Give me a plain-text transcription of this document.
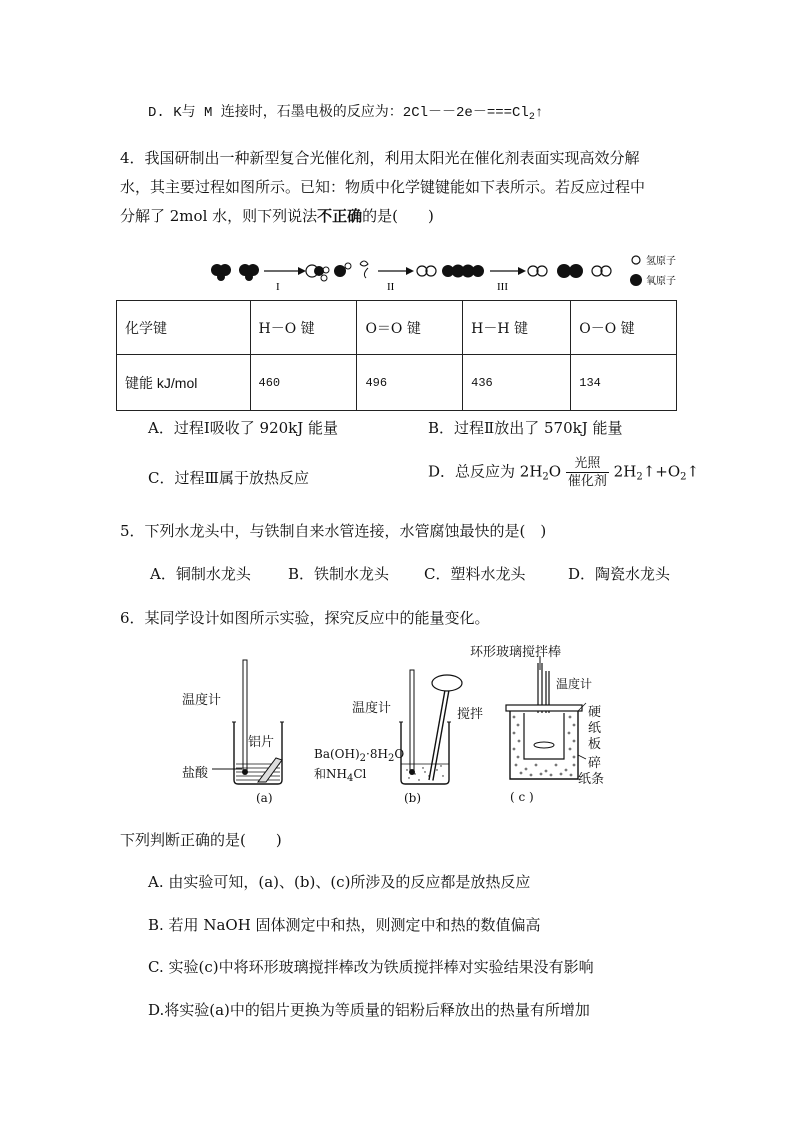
D. K与 M 连接时，石墨电极的反应为：$2Cl--2e-===Cl_2↑$
4．我国研制出一种新型复合光催化剂，利用太阳光在催化剂表面实现高效分解
水，其主要过程如图所示。已知：物质中化学键键能如下表所示。若反应过程中
分解了 2mol 水，则下列说法不正确的是(　　)
I	II	III
氢原子
氧原子
化学键	H－O 键	O＝O 键	H－H 键	O－O 键
键能 kJ/mol	460	496	436	134
A．过程Ⅰ吸收了 920kJ 能量	B．过程Ⅱ放出了 570kJ 能量
C．过程Ⅲ属于放热反应	D．总反应为 $2H_2O \frac{\text{光照}}{\text{催化剂}}$ $2H_2↑+O_2↑$
5．下列水龙头中，与铁制自来水管连接，水管腐蚀最快的是(　)
A．铜制水龙头 B．铁制水龙头 C．塑料水龙头	D．陶瓷水龙头
6．某同学设计如图所示实验，探究反应中的能量变化。
温度计
铝片
盐酸
(a)
温度计	搅拌
$Ba(OH)_2\cdot 8H_2O$
和$NH_4Cl$
(b)
环形玻璃搅拌棒
温度计
硬
纸
板
碎
纸条
( c )
下列判断正确的是(　　)
A. 由实验可知，(a)、(b)、(c)所涉及的反应都是放热反应
B. 若用 NaOH 固体测定中和热，则测定中和热的数值偏高
C. 实验(c)中将环形玻璃搅拌棒改为铁质搅拌棒对实验结果没有影响
D.将实验(a)中的铝片更换为等质量的铝粉后释放出的热量有所增加
